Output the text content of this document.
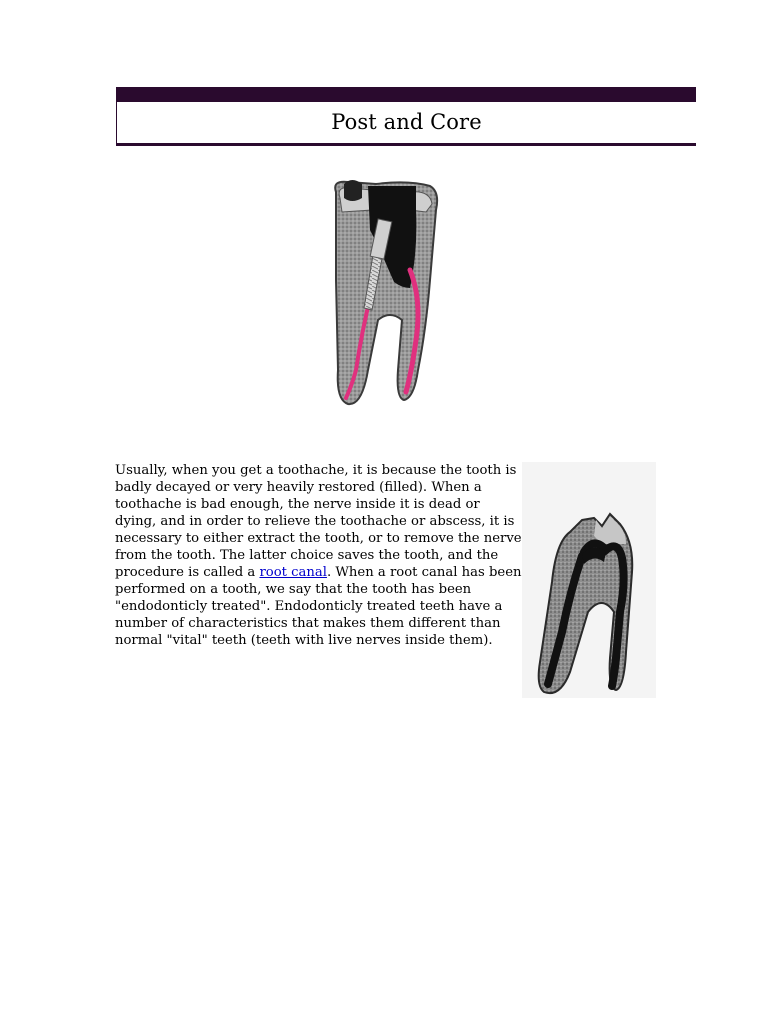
Post and Core

Usually, when you get a toothache, it is because the tooth is badly decayed or very heavily restored (filled). When a toothache is bad enough, the nerve inside it is dead or dying, and in order to relieve the toothache or abscess, it is necessary to either extract the tooth, or to remove the nerve from the tooth. The latter choice saves the tooth, and the procedure is called a root canal. When a root canal has been performed on a tooth, we say that the tooth has been "endodonticly treated". Endodonticly treated teeth have a number of characteristics that makes them different than normal "vital" teeth (teeth with live nerves inside them).
